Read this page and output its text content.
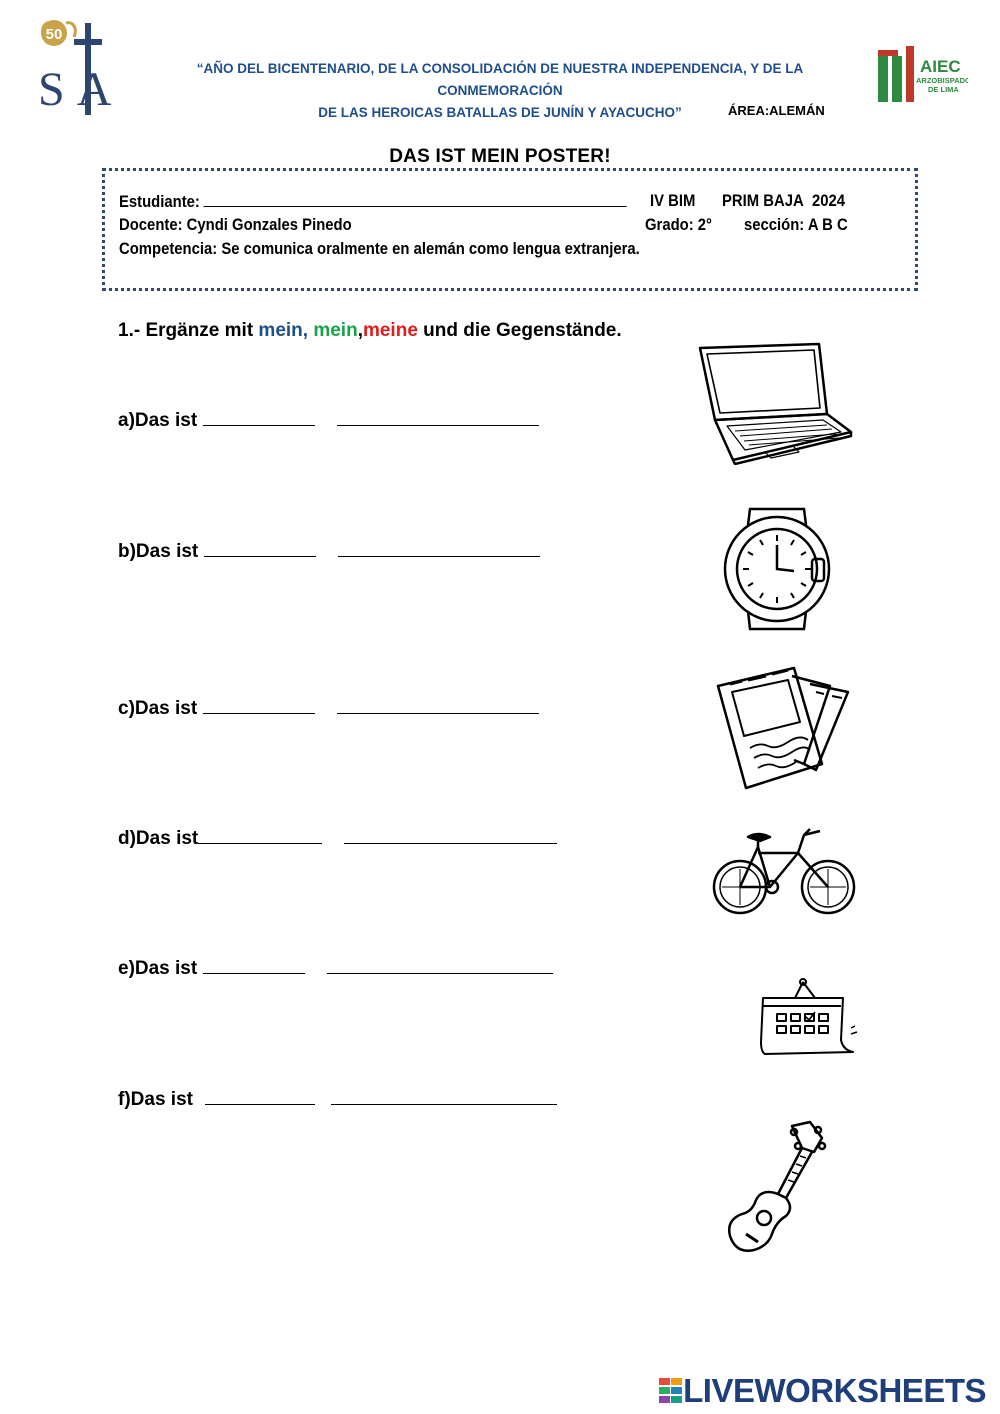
50
SA	“AÑO DEL BICENTENARIO, DE LA CONSOLIDACIÓN DE NUESTRA INDEPENDENCIA, Y DE LA CONMEMORACIÓN
DE LAS HEROICAS BATALLAS DE JUNÍN Y AYACUCHO”	ÁREA:ALEMÁN
AIEC
ARZOBISPADO
DE LIMA
DAS IST MEIN POSTER!
Estudiante:	IV BIM PRIM BAJA 2024
Docente: Cyndi Gonzales Pinedo	Grado: 2° sección: A B C
Competencia: Se comunica oralmente en alemán como lengua extranjera.
1.- Ergänze mit mein, mein,meine und die Gegenstände.
a)Das ist
b)Das ist
c)Das ist
d)Das ist
e)Das ist
f)Das ist
LIVEWORKSHEETS
